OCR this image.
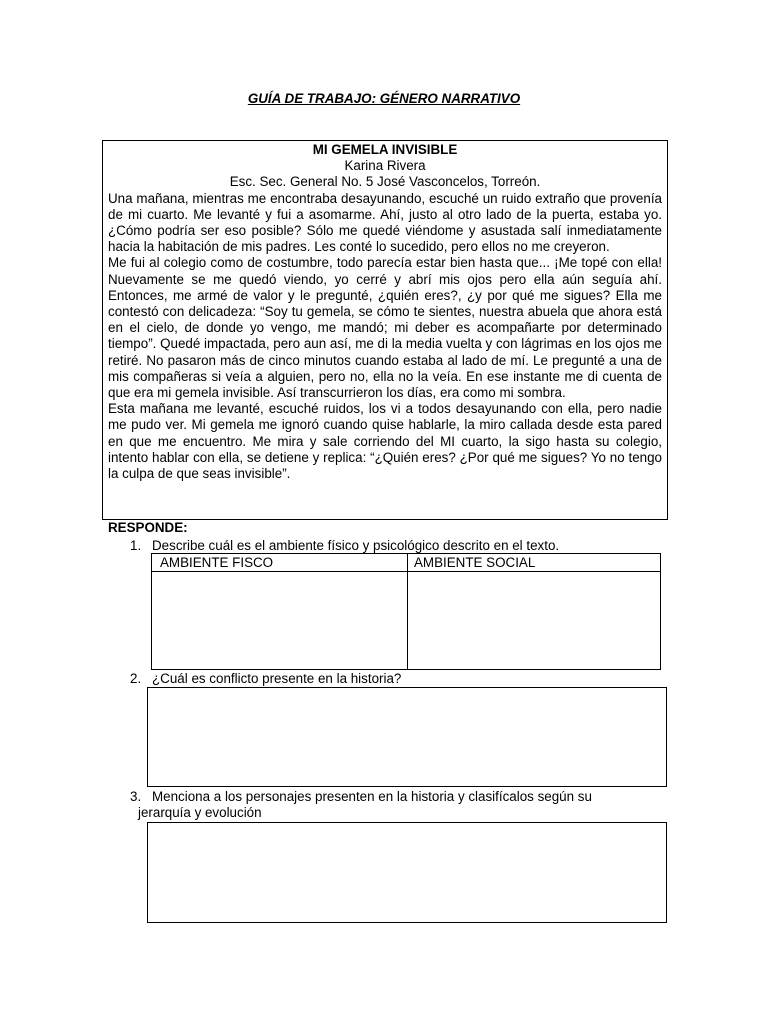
GUÍA DE TRABAJO: GÉNERO NARRATIVO
MI GEMELA INVISIBLE
Karina Rivera
Esc. Sec. General No. 5 José Vasconcelos, Torreón.

Una mañana, mientras me encontraba desayunando, escuché un ruido extraño que provenía de mi cuarto. Me levanté y fui a asomarme. Ahí, justo al otro lado de la puerta, estaba yo. ¿Cómo podría ser eso posible? Sólo me quedé viéndome y asustada salí inmediatamente hacia la habitación de mis padres. Les conté lo sucedido, pero ellos no me creyeron.

Me fui al colegio como de costumbre, todo parecía estar bien hasta que... ¡Me topé con ella! Nuevamente se me quedó viendo, yo cerré y abrí mis ojos pero ella aún seguía ahí. Entonces, me armé de valor y le pregunté, ¿quién eres?, ¿y por qué me sigues? Ella me contestó con delicadeza: “Soy tu gemela, se cómo te sientes, nuestra abuela que ahora está en el cielo, de donde yo vengo, me mandó; mi deber es acompañarte por determinado tiempo”. Quedé impactada, pero aun así, me di la media vuelta y con lágrimas en los ojos me retiré. No pasaron más de cinco minutos cuando estaba al lado de mí. Le pregunté a una de mis compañeras si veía a alguien, pero no, ella no la veía. En ese instante me di cuenta de que era mi gemela invisible. Así transcurrieron los días, era como mi sombra.

Esta mañana me levanté, escuché ruidos, los vi a todos desayunando con ella, pero nadie me pudo ver. Mi gemela me ignoró cuando quise hablarle, la miro callada desde esta pared en que me encuentro. Me mira y sale corriendo del MI cuarto, la sigo hasta su colegio, intento hablar con ella, se detiene y replica: “¿Quién eres? ¿Por qué me sigues? Yo no tengo la culpa de que seas invisible”.

RESPONDE:
1. Describe cuál es el ambiente físico y psicológico descrito en el texto.
AMBIENTE FISCO	AMBIENTE SOCIAL
2. ¿Cuál es conflicto presente en la historia?
3. Menciona a los personajes presenten en la historia y clasifícalos según su
jerarquía y evolución
